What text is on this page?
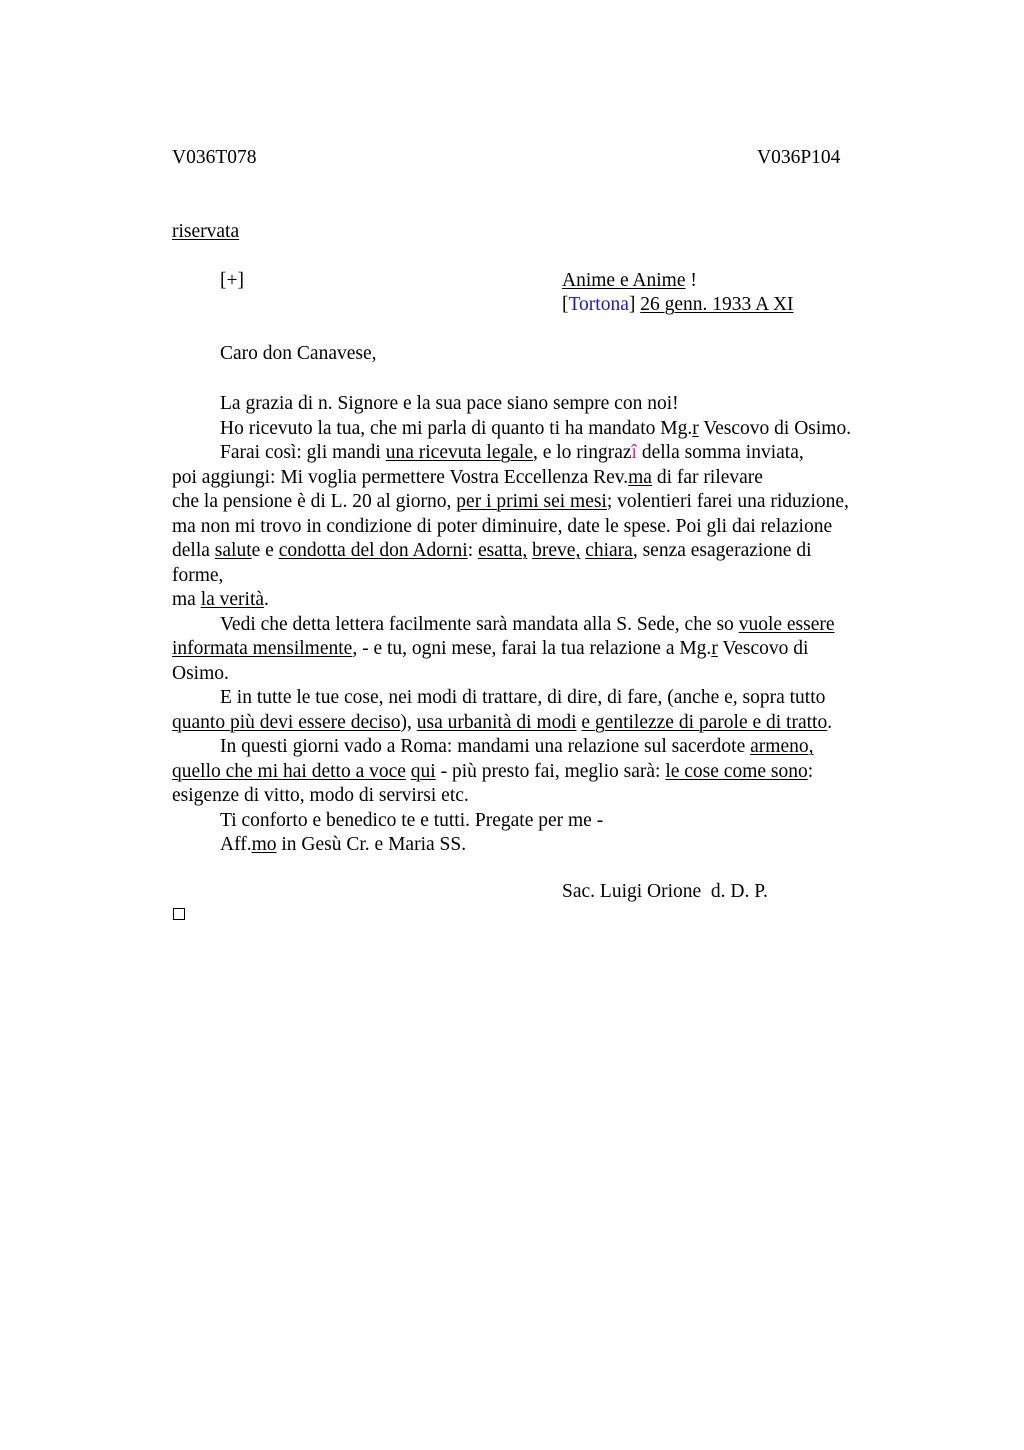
V036T078	V036P104
riservata
[+]	Anime e Anime !
[Tortona] 26 genn. 1933 A XI
Caro don Canavese,
La grazia di n. Signore e la sua pace siano sempre con noi!
Ho ricevuto la tua, che mi parla di quanto ti ha mandato Mg.r Vescovo di Osimo.
Farai così: gli mandi una ricevuta legale, e lo ringrazî della somma inviata,
poi aggiungi: Mi voglia permettere Vostra Eccellenza Rev.ma di far rilevare
che la pensione è di L. 20 al giorno, per i primi sei mesi; volentieri farei una riduzione,
ma non mi trovo in condizione di poter diminuire, date le spese. Poi gli dai relazione
della salute e condotta del don Adorni: esatta, breve, chiara, senza esagerazione di
forme,
ma la verità.
Vedi che detta lettera facilmente sarà mandata alla S. Sede, che so vuole essere
informata mensilmente, - e tu, ogni mese, farai la tua relazione a Mg.r Vescovo di
Osimo.
E in tutte le tue cose, nei modi di trattare, di dire, di fare, (anche e, sopra tutto
quanto più devi essere deciso), usa urbanità di modi e gentilezze di parole e di tratto.
In questi giorni vado a Roma: mandami una relazione sul sacerdote armeno,
quello che mi hai detto a voce qui - più presto fai, meglio sarà: le cose come sono:
esigenze di vitto, modo di servirsi etc.
Ti conforto e benedico te e tutti. Pregate per me -
Aff.mo in Gesù Cr. e Maria SS.
Sac. Luigi Orione  d. D. P.
